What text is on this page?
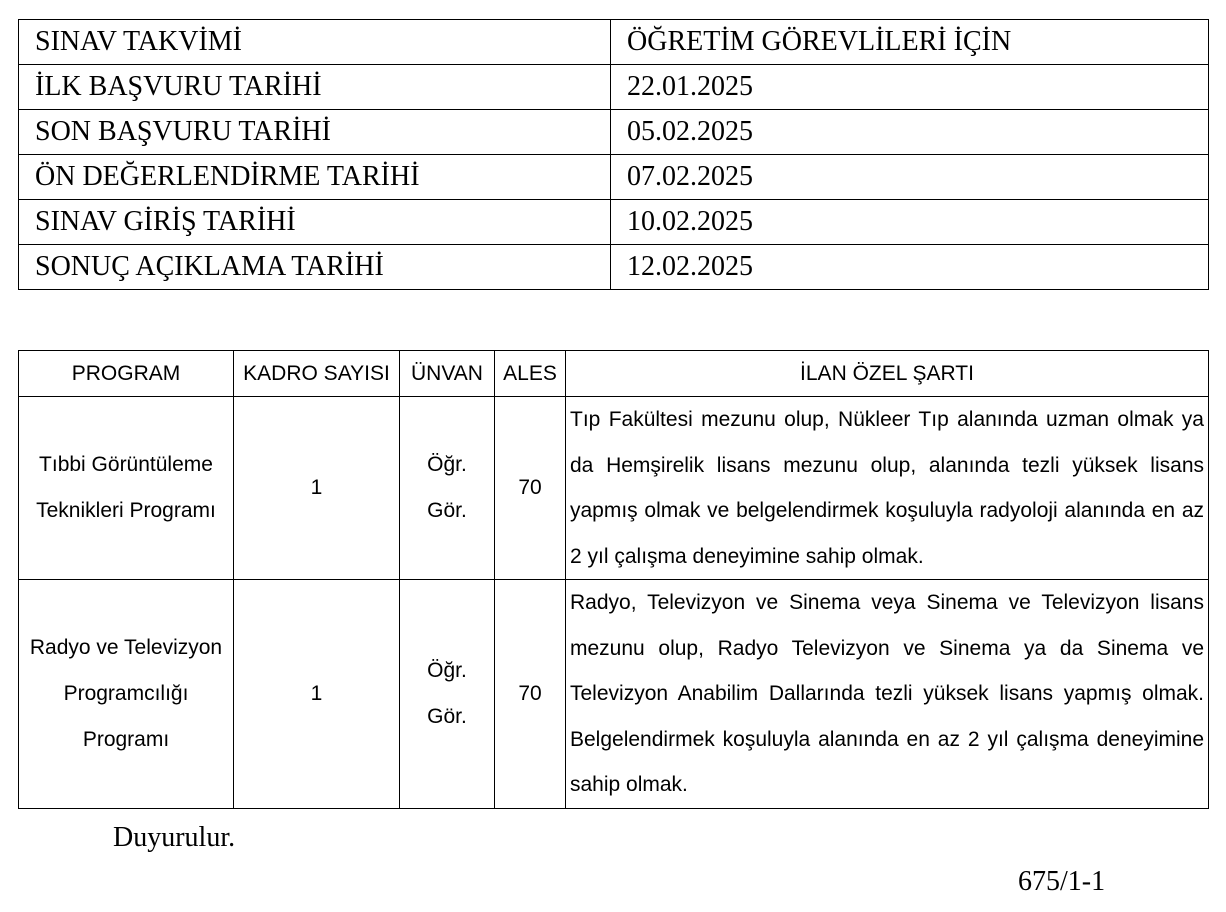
SINAV TAKVİMİ	ÖĞRETİM GÖREVLİLERİ İÇİN
İLK BAŞVURU TARİHİ	22.01.2025
SON BAŞVURU TARİHİ	05.02.2025
ÖN DEĞERLENDİRME TARİHİ	07.02.2025
SINAV GİRİŞ TARİHİ	10.02.2025
SONUÇ AÇIKLAMA TARİHİ	12.02.2025
PROGRAM	KADRO SAYISI	ÜNVAN	ALES	İLAN ÖZEL ŞARTI
Tıbbi Görüntüleme Teknikleri Programı	1	Öğr. Gör.	70	Tıp Fakültesi mezunu olup, Nükleer Tıp alanında uzman olmak ya da Hemşirelik lisans mezunu olup, alanında tezli yüksek lisans yapmış olmak ve belgelendirmek koşuluyla radyoloji alanında en az 2 yıl çalışma deneyimine sahip olmak.
Radyo ve Televizyon Programcılığı Programı	1	Öğr. Gör.	70	Radyo, Televizyon ve Sinema veya Sinema ve Televizyon lisans mezunu olup, Radyo Televizyon ve Sinema ya da Sinema ve Televizyon Anabilim Dallarında tezli yüksek lisans yapmış olmak. Belgelendirmek koşuluyla alanında en az 2 yıl çalışma deneyimine sahip olmak.
Duyurulur.
675/1-1
